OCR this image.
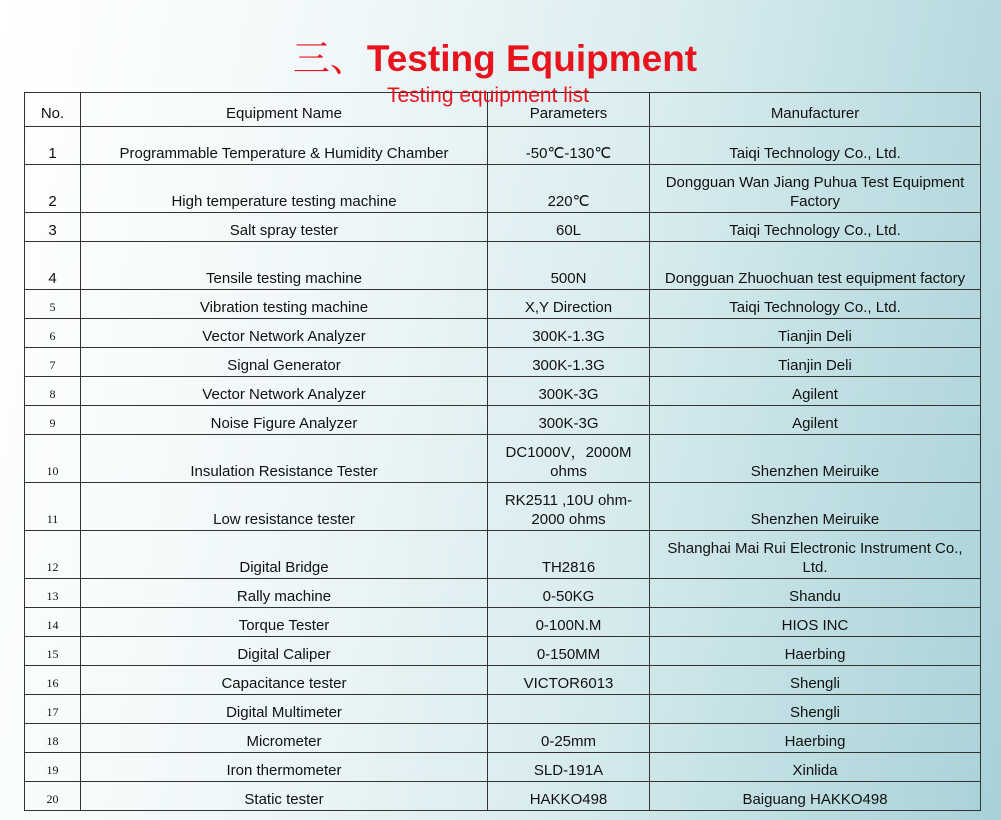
三、Testing Equipment
No.	Equipment Name	Parameters	Manufacturer
1	Programmable Temperature & Humidity Chamber	-50℃-130℃	Taiqi Technology Co., Ltd.
2	High temperature testing machine	220℃	Dongguan Wan Jiang Puhua Test Equipment Factory
3	Salt spray tester	60L	Taiqi Technology Co., Ltd.
4	Tensile testing machine	500N	Dongguan Zhuochuan test equipment factory
5	Vibration testing machine	X,Y Direction	Taiqi Technology Co., Ltd.
6	Vector Network Analyzer	300K-1.3G	Tianjin Deli
7	Signal Generator	300K-1.3G	Tianjin Deli
8	Vector Network Analyzer	300K-3G	Agilent
9	Noise Figure Analyzer	300K-3G	Agilent
10	Insulation Resistance Tester	DC1000V，2000M ohms	Shenzhen Meiruike
11	Low resistance tester	RK2511 ,10U ohm-2000 ohms	Shenzhen Meiruike
12	Digital Bridge	TH2816	Shanghai Mai Rui Electronic Instrument Co., Ltd.
13	Rally machine	0-50KG	Shandu
14	Torque Tester	0-100N.M	HIOS INC
15	Digital Caliper	0-150MM	Haerbing
16	Capacitance tester	VICTOR6013	Shengli
17	Digital Multimeter		Shengli
18	Micrometer	0-25mm	Haerbing
19	Iron thermometer	SLD-191A	Xinlida
20	Static tester	HAKKO498	Baiguang HAKKO498
Testing equipment list
